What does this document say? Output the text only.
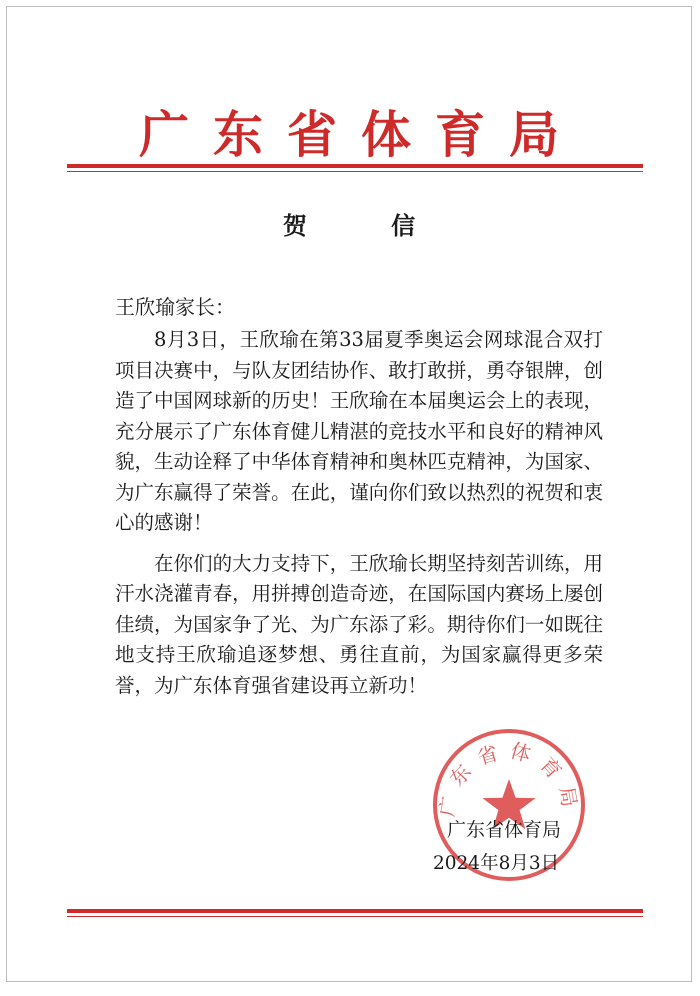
广东省体育局
贺 信
王欣瑜家长：

8月3日，王欣瑜在第33届夏季奥运会网球混合双打项目决赛中，与队友团结协作、敢打敢拼，勇夺银牌，创造了中国网球新的历史！王欣瑜在本届奥运会上的表现，充分展示了广东体育健儿精湛的竞技水平和良好的精神风貌，生动诠释了中华体育精神和奥林匹克精神，为国家、为广东赢得了荣誉。在此，谨向你们致以热烈的祝贺和衷心的感谢！

在你们的大力支持下，王欣瑜长期坚持刻苦训练，用汗水浇灌青春，用拼搏创造奇迹，在国际国内赛场上屡创佳绩，为国家争了光、为广东添了彩。期待你们一如既往地支持王欣瑜追逐梦想、勇往直前，为国家赢得更多荣誉，为广东体育强省建设再立新功！

广东省体育局
广东省体育局
2024年8月3日
